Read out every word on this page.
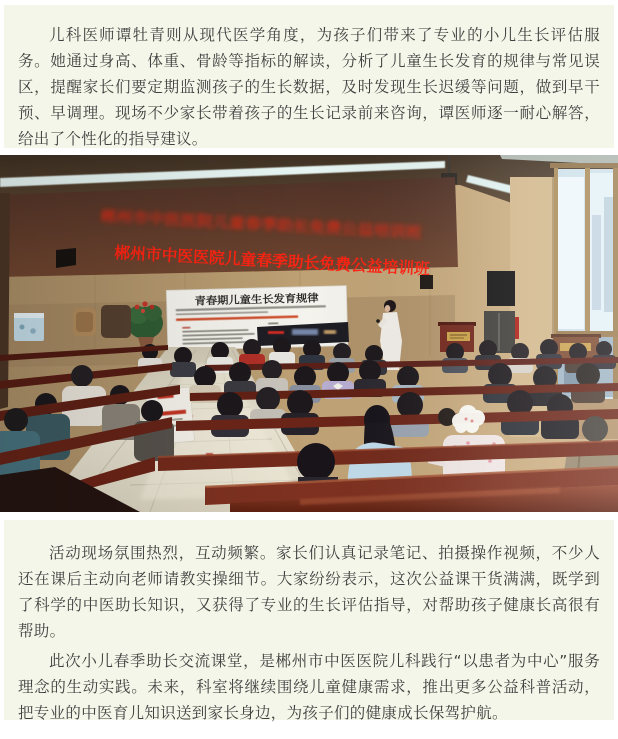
儿科医师谭牡青则从现代医学角度，为孩子们带来了专业的小儿生长评估服务。她通过身高、体重、骨龄等指标的解读，分析了儿童生长发育的规律与常见误区，提醒家长们要定期监测孩子的生长数据，及时发现生长迟缓等问题，做到早干预、早调理。现场不少家长带着孩子的生长记录前来咨询，谭医师逐一耐心解答，给出了个性化的指导建议。

活动现场氛围热烈，互动频繁。家长们认真记录笔记、拍摄操作视频，不少人还在课后主动向老师请教实操细节。大家纷纷表示，这次公益课干货满满，既学到了科学的中医助长知识，又获得了专业的生长评估指导，对帮助孩子健康长高很有帮助。

此次小儿春季助长交流课堂，是郴州市中医医院儿科践行“以患者为中心”服务理念的生动实践。未来，科室将继续围绕儿童健康需求，推出更多公益科普活动，把专业的中医育儿知识送到家长身边，为孩子们的健康成长保驾护航。
